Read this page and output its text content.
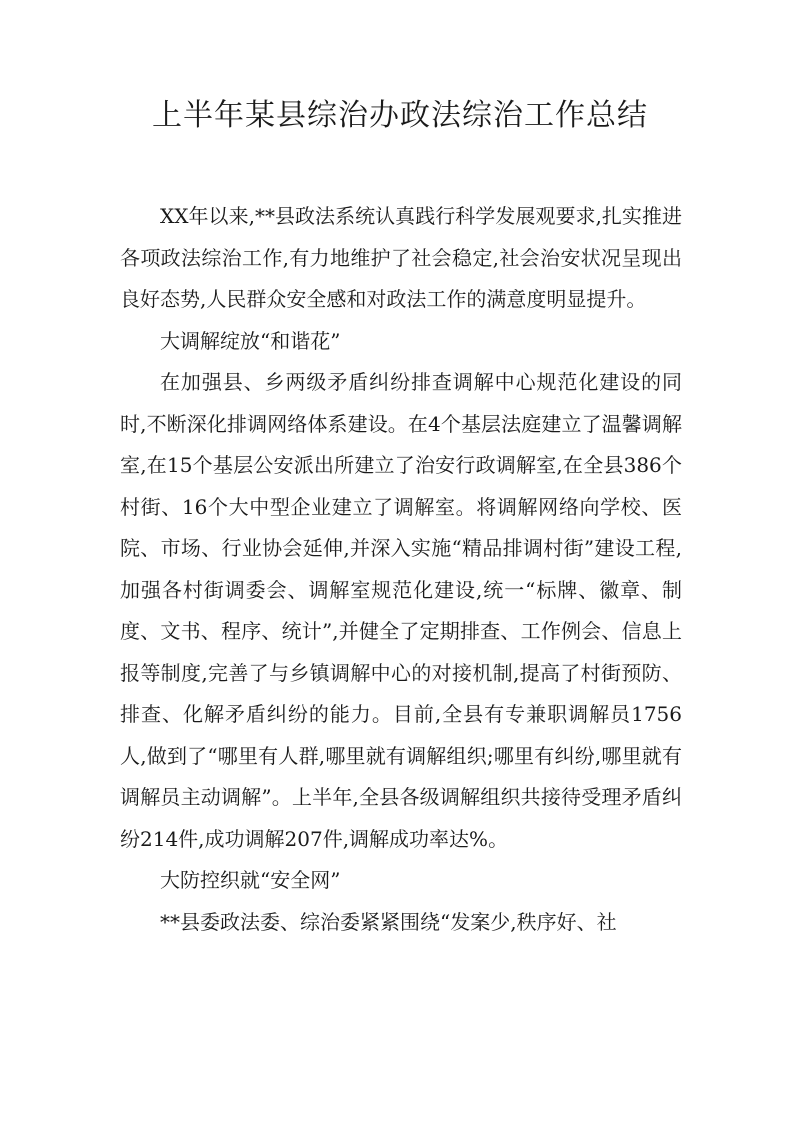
上半年某县综治办政法综治工作总结

XX年以来,**县政法系统认真践行科学发展观要求,扎实推进各项政法综治工作,有力地维护了社会稳定,社会治安状况呈现出良好态势,人民群众安全感和对政法工作的满意度明显提升。

大调解绽放“和谐花”

在加强县、乡两级矛盾纠纷排查调解中心规范化建设的同时,不断深化排调网络体系建设。在4个基层法庭建立了温馨调解室,在15个基层公安派出所建立了治安行政调解室,在全县386个村街、16个大中型企业建立了调解室。将调解网络向学校、医院、市场、行业协会延伸,并深入实施“精品排调村街”建设工程,加强各村街调委会、调解室规范化建设,统一“标牌、徽章、制度、文书、程序、统计”,并健全了定期排查、工作例会、信息上报等制度,完善了与乡镇调解中心的对接机制,提高了村街预防、排查、化解矛盾纠纷的能力。目前,全县有专兼职调解员1756人,做到了“哪里有人群,哪里就有调解组织;哪里有纠纷,哪里就有调解员主动调解”。上半年,全县各级调解组织共接待受理矛盾纠纷214件,成功调解207件,调解成功率达%。

大防控织就“安全网”

**县委政法委、综治委紧紧围绕“发案少,秩序好、社
